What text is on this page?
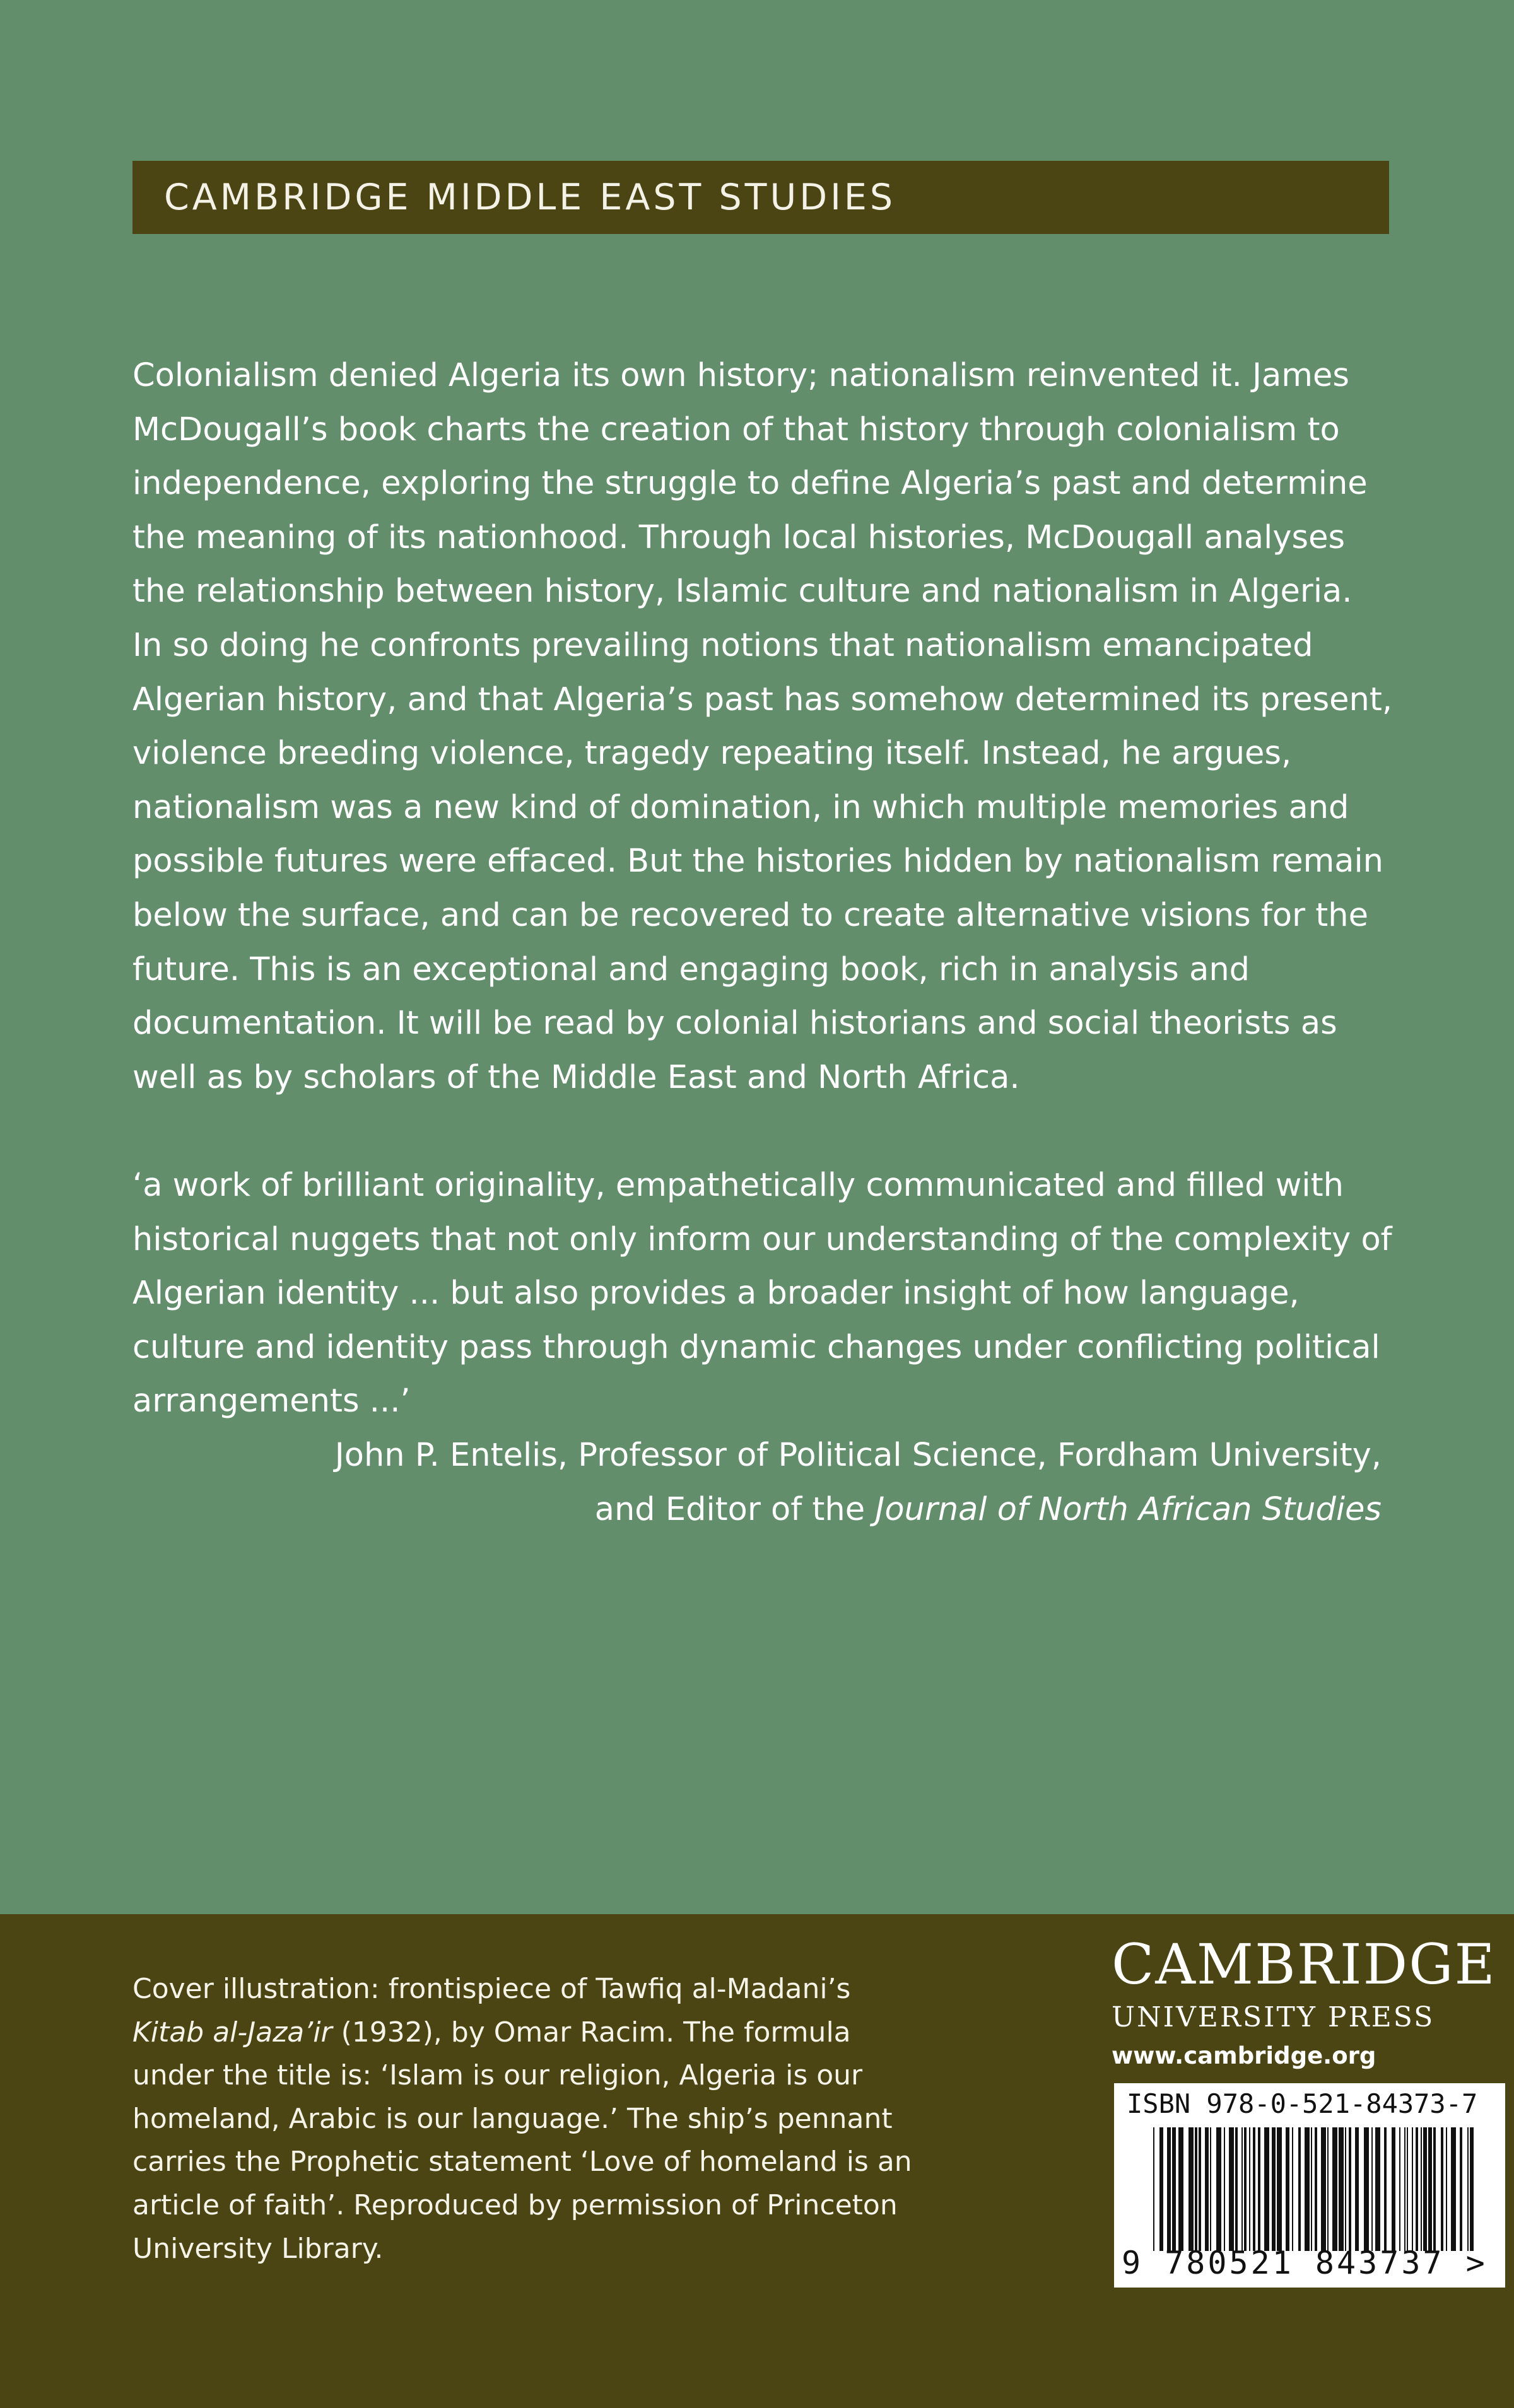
CAMBRIDGE MIDDLE EAST STUDIES
Colonialism denied Algeria its own history; nationalism reinvented it. James
McDougall’s book charts the creation of that history through colonialism to
independence, exploring the struggle to define Algeria’s past and determine
the meaning of its nationhood. Through local histories, McDougall analyses
the relationship between history, Islamic culture and nationalism in Algeria.
In so doing he confronts prevailing notions that nationalism emancipated
Algerian history, and that Algeria’s past has somehow determined its present,
violence breeding violence, tragedy repeating itself. Instead, he argues,
nationalism was a new kind of domination, in which multiple memories and
possible futures were effaced. But the histories hidden by nationalism remain
below the surface, and can be recovered to create alternative visions for the
future. This is an exceptional and engaging book, rich in analysis and
documentation. It will be read by colonial historians and social theorists as
well as by scholars of the Middle East and North Africa.
‘a work of brilliant originality, empathetically communicated and filled with
historical nuggets that not only inform our understanding of the complexity of
Algerian identity ... but also provides a broader insight of how language,
culture and identity pass through dynamic changes under conflicting political
arrangements ...’
John P. Entelis, Professor of Political Science, Fordham University,
and Editor of the Journal of North African Studies
Cover illustration: frontispiece of Tawfiq al-Madani’s
Kitab al-Jaza’ir (1932), by Omar Racim. The formula
under the title is: ‘Islam is our religion, Algeria is our
homeland, Arabic is our language.’ The ship’s pennant
carries the Prophetic statement ‘Love of homeland is an
article of faith’. Reproduced by permission of Princeton
University Library.
CAMBRIDGE
UNIVERSITY PRESS
www.cambridge.org
ISBN 978-0-521-84373-7
9 780521 843737 >
